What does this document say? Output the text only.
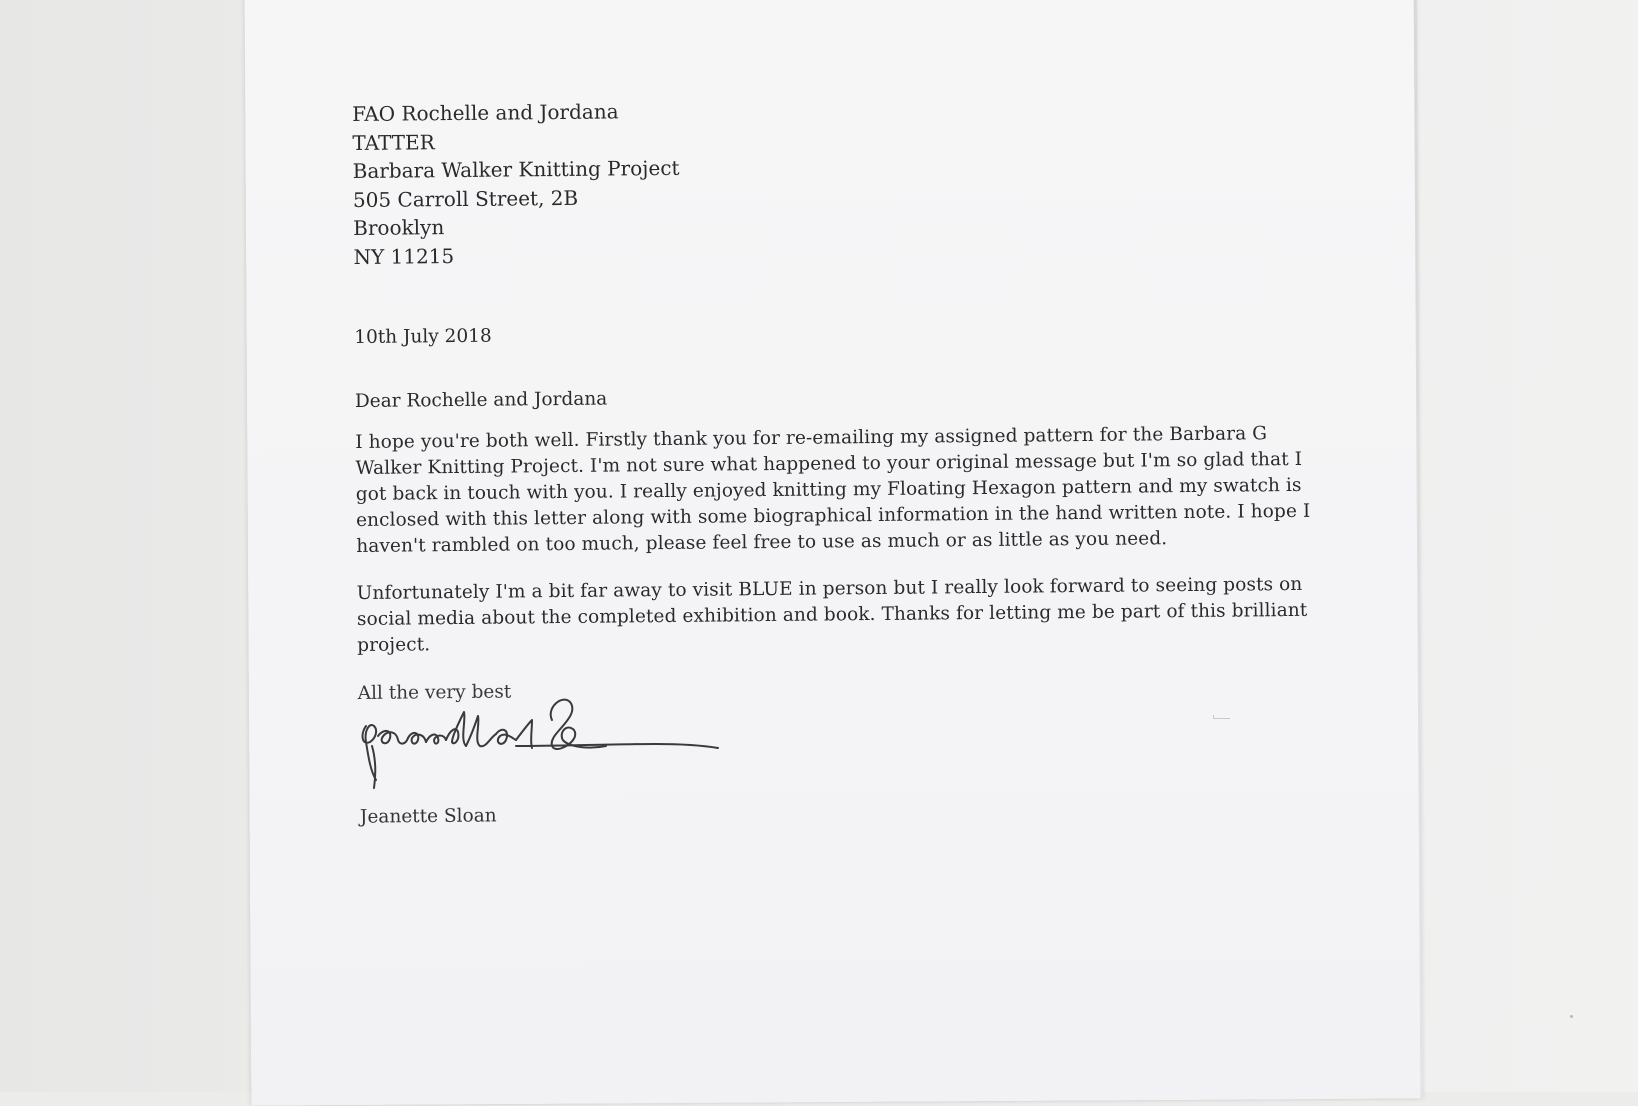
FAO Rochelle and Jordana
TATTER
Barbara Walker Knitting Project
505 Carroll Street, 2B
Brooklyn
NY 11215
10th July 2018
Dear Rochelle and Jordana
I hope you're both well. Firstly thank you for re-emailing my assigned pattern for the Barbara G Walker Knitting Project. I'm not sure what happened to your original message but I'm so glad that I got back in touch with you. I really enjoyed knitting my Floating Hexagon pattern and my swatch is enclosed with this letter along with some biographical information in the hand written note. I hope I haven't rambled on too much, please feel free to use as much or as little as you need.
Unfortunately I'm a bit far away to visit BLUE in person but I really look forward to seeing posts on social media about the completed exhibition and book. Thanks for letting me be part of this brilliant project.
All the very best
Jeanette Sloan
